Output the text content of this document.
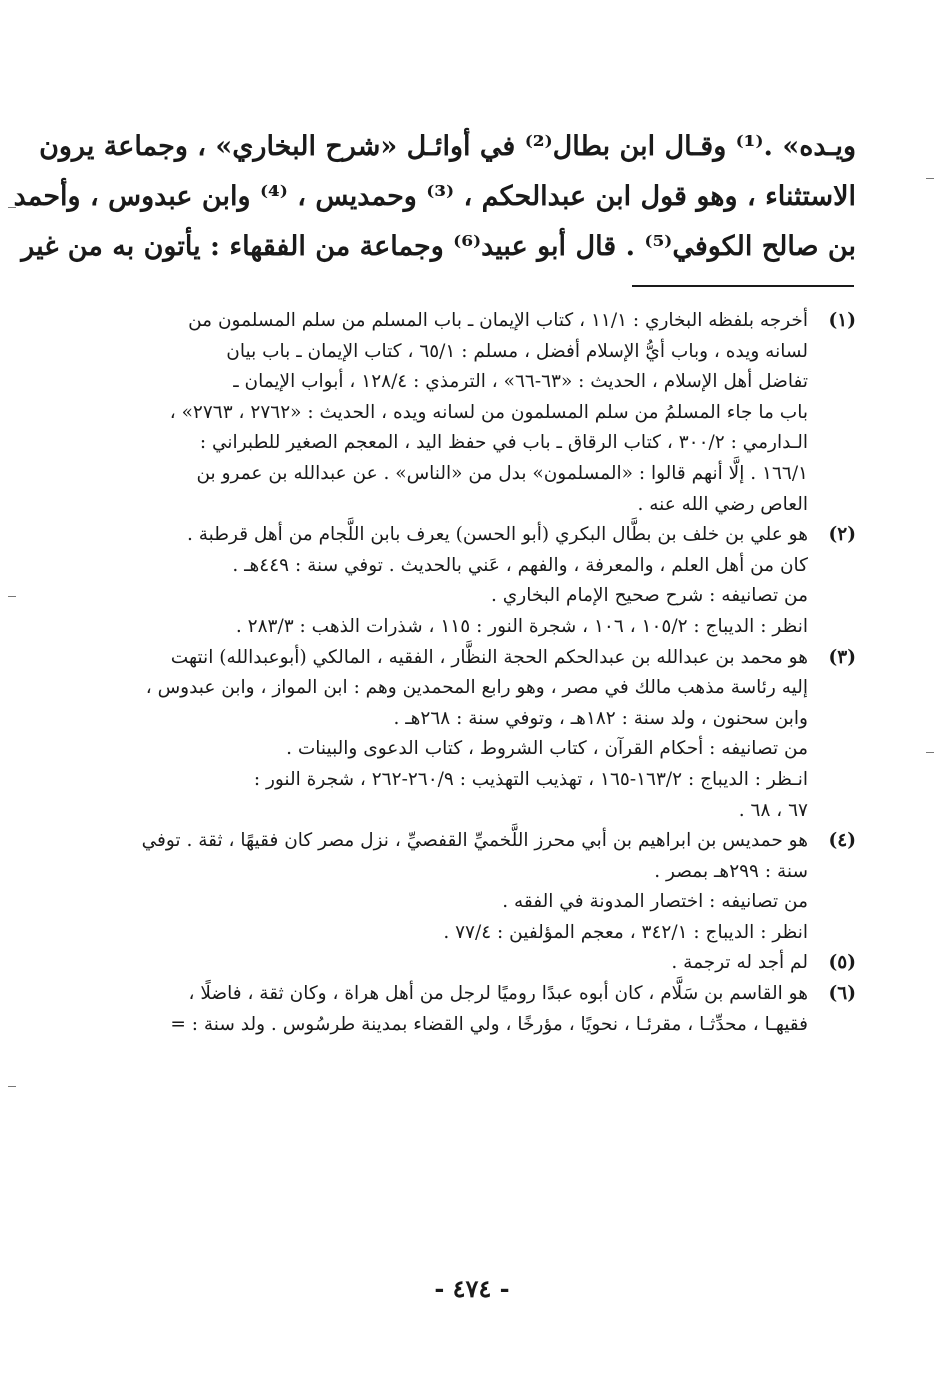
ويـده» .⁽¹⁾ وقـال ابن بطال⁽²⁾ في أوائـل «شرح البخاري» ، وجماعة يرون
الاستثناء ، وهو قول ابن عبدالحكم ، ⁽³⁾ وحمديس ، ⁽⁴⁾ وابن عبدوس ، وأحمد
بن صالح الكوفي⁽⁵⁾ . قال أبو عبيد⁽⁶⁾ وجماعة من الفقهاء : يأتون به من غير
(١)
أخرجه بلفظه البخاري : ١١/١ ، كتاب الإيمان ـ باب المسلم من سلم المسلمون من
لسانه ويده ، وباب أيُّ الإسلام أفضل ، مسلم : ٦٥/١ ، كتاب الإيمان ـ باب بيان
تفاضل أهل الإسلام ، الحديث : «٦٣-٦٦» ، الترمذي : ١٢٨/٤ ، أبواب الإيمان ـ
باب ما جاء المسلمُ من سلم المسلمون من لسانه ويده ، الحديث : «٢٧٦٢ ، ٢٧٦٣» ،
الـدارمي : ٣٠٠/٢ ، كتاب الرقاق ـ باب في حفظ اليد ، المعجم الصغير للطبراني :
١٦٦/١ . إلَّا أنهم قالوا : «المسلمون» بدل من «الناس» . عن عبدالله بن عمرو بن
العاص رضي الله عنه .
(٢)
هو علي بن خلف بن بطَّال البكري (أبو الحسن) يعرف بابن اللَّجام من أهل قرطبة .
كان من أهل العلم ، والمعرفة ، والفهم ، عَني بالحديث . توفي سنة : ٤٤٩هـ .
من تصانيفه : شرح صحيح الإمام البخاري .
انظر : الديباج : ١٠٥/٢ ، ١٠٦ ، شجرة النور : ١١٥ ، شذرات الذهب : ٢٨٣/٣ .
(٣)
هو محمد بن عبدالله بن عبدالحكم الحجة النظَّار ، الفقيه ، المالكي (أبوعبدالله) انتهت
إليه رئاسة مذهب مالك في مصر ، وهو رابع المحمدين وهم : ابن المواز ، وابن عبدوس ،
وابن سحنون ، ولد سنة : ١٨٢هـ ، وتوفي سنة : ٢٦٨هـ .
من تصانيفه : أحكام القرآن ، كتاب الشروط ، كتاب الدعوى والبينات .
انـظر : الديباج : ١٦٣/٢-١٦٥ ، تهذيب التهذيب : ٢٦٠/٩-٢٦٢ ، شجرة النور :
٦٧ ، ٦٨ .
(٤)
هو حمديس بن ابراهيم بن أبي محرز اللَّخميِّ القفصيِّ ، نزل مصر كان فقيهًا ، ثقة . توفي
سنة : ٢٩٩هـ بمصر .
من تصانيفه : اختصار المدونة في الفقه .
انظر : الديباج : ٣٤٢/١ ، معجم المؤلفين : ٧٧/٤ .
(٥)
لم أجد له ترجمة .
(٦)
هو القاسم بن سَلَّام ، كان أبوه عبدًا روميًا لرجل من أهل هراة ، وكان ثقة ، فاضلًا ،
فقيهـا ، محدِّثـا ، مقرئـا ، نحويًا ، مؤرخًا ، ولي القضاء بمدينة طرسُوس . ولد سنة : =
- ٤٧٤ -
